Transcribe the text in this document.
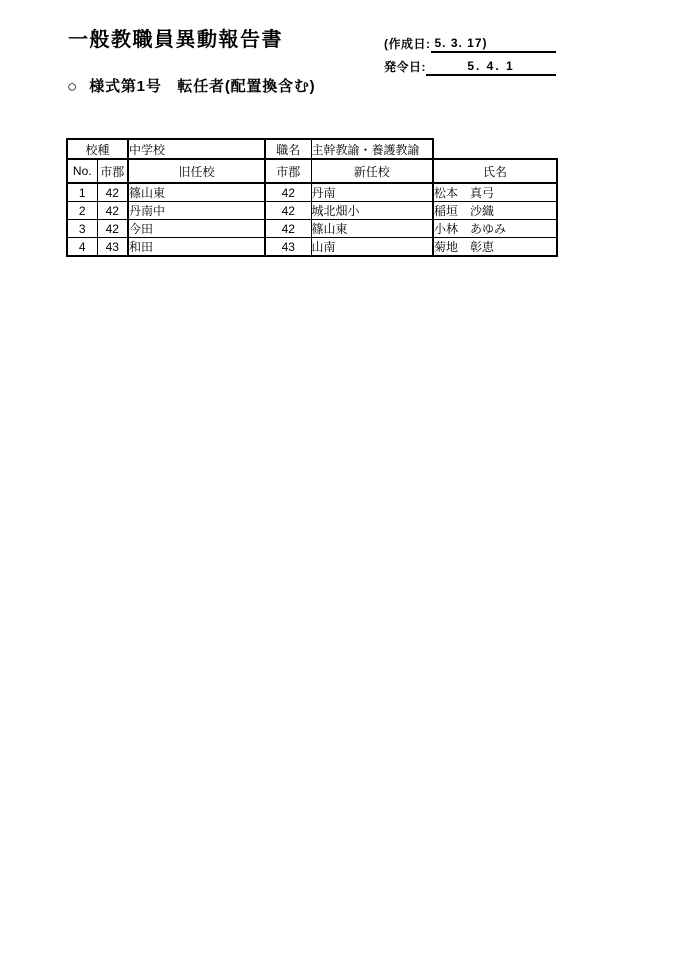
一般教職員異動報告書	(作成日: 5. 3. 17)
発令日:	5. 4. 1
○ 様式第1号　転任者(配置換含む)
校種		中学校	職名	主幹教諭・養護教諭	
No.	市郡	旧任校	市郡	新任校	氏名
1	42	篠山東	42	丹南	松本　真弓
2	42	丹南中	42	城北畑小	稲垣　沙織
3	42	今田	42	篠山東	小林　あゆみ
4	43	和田	43	山南	菊地　彰恵
